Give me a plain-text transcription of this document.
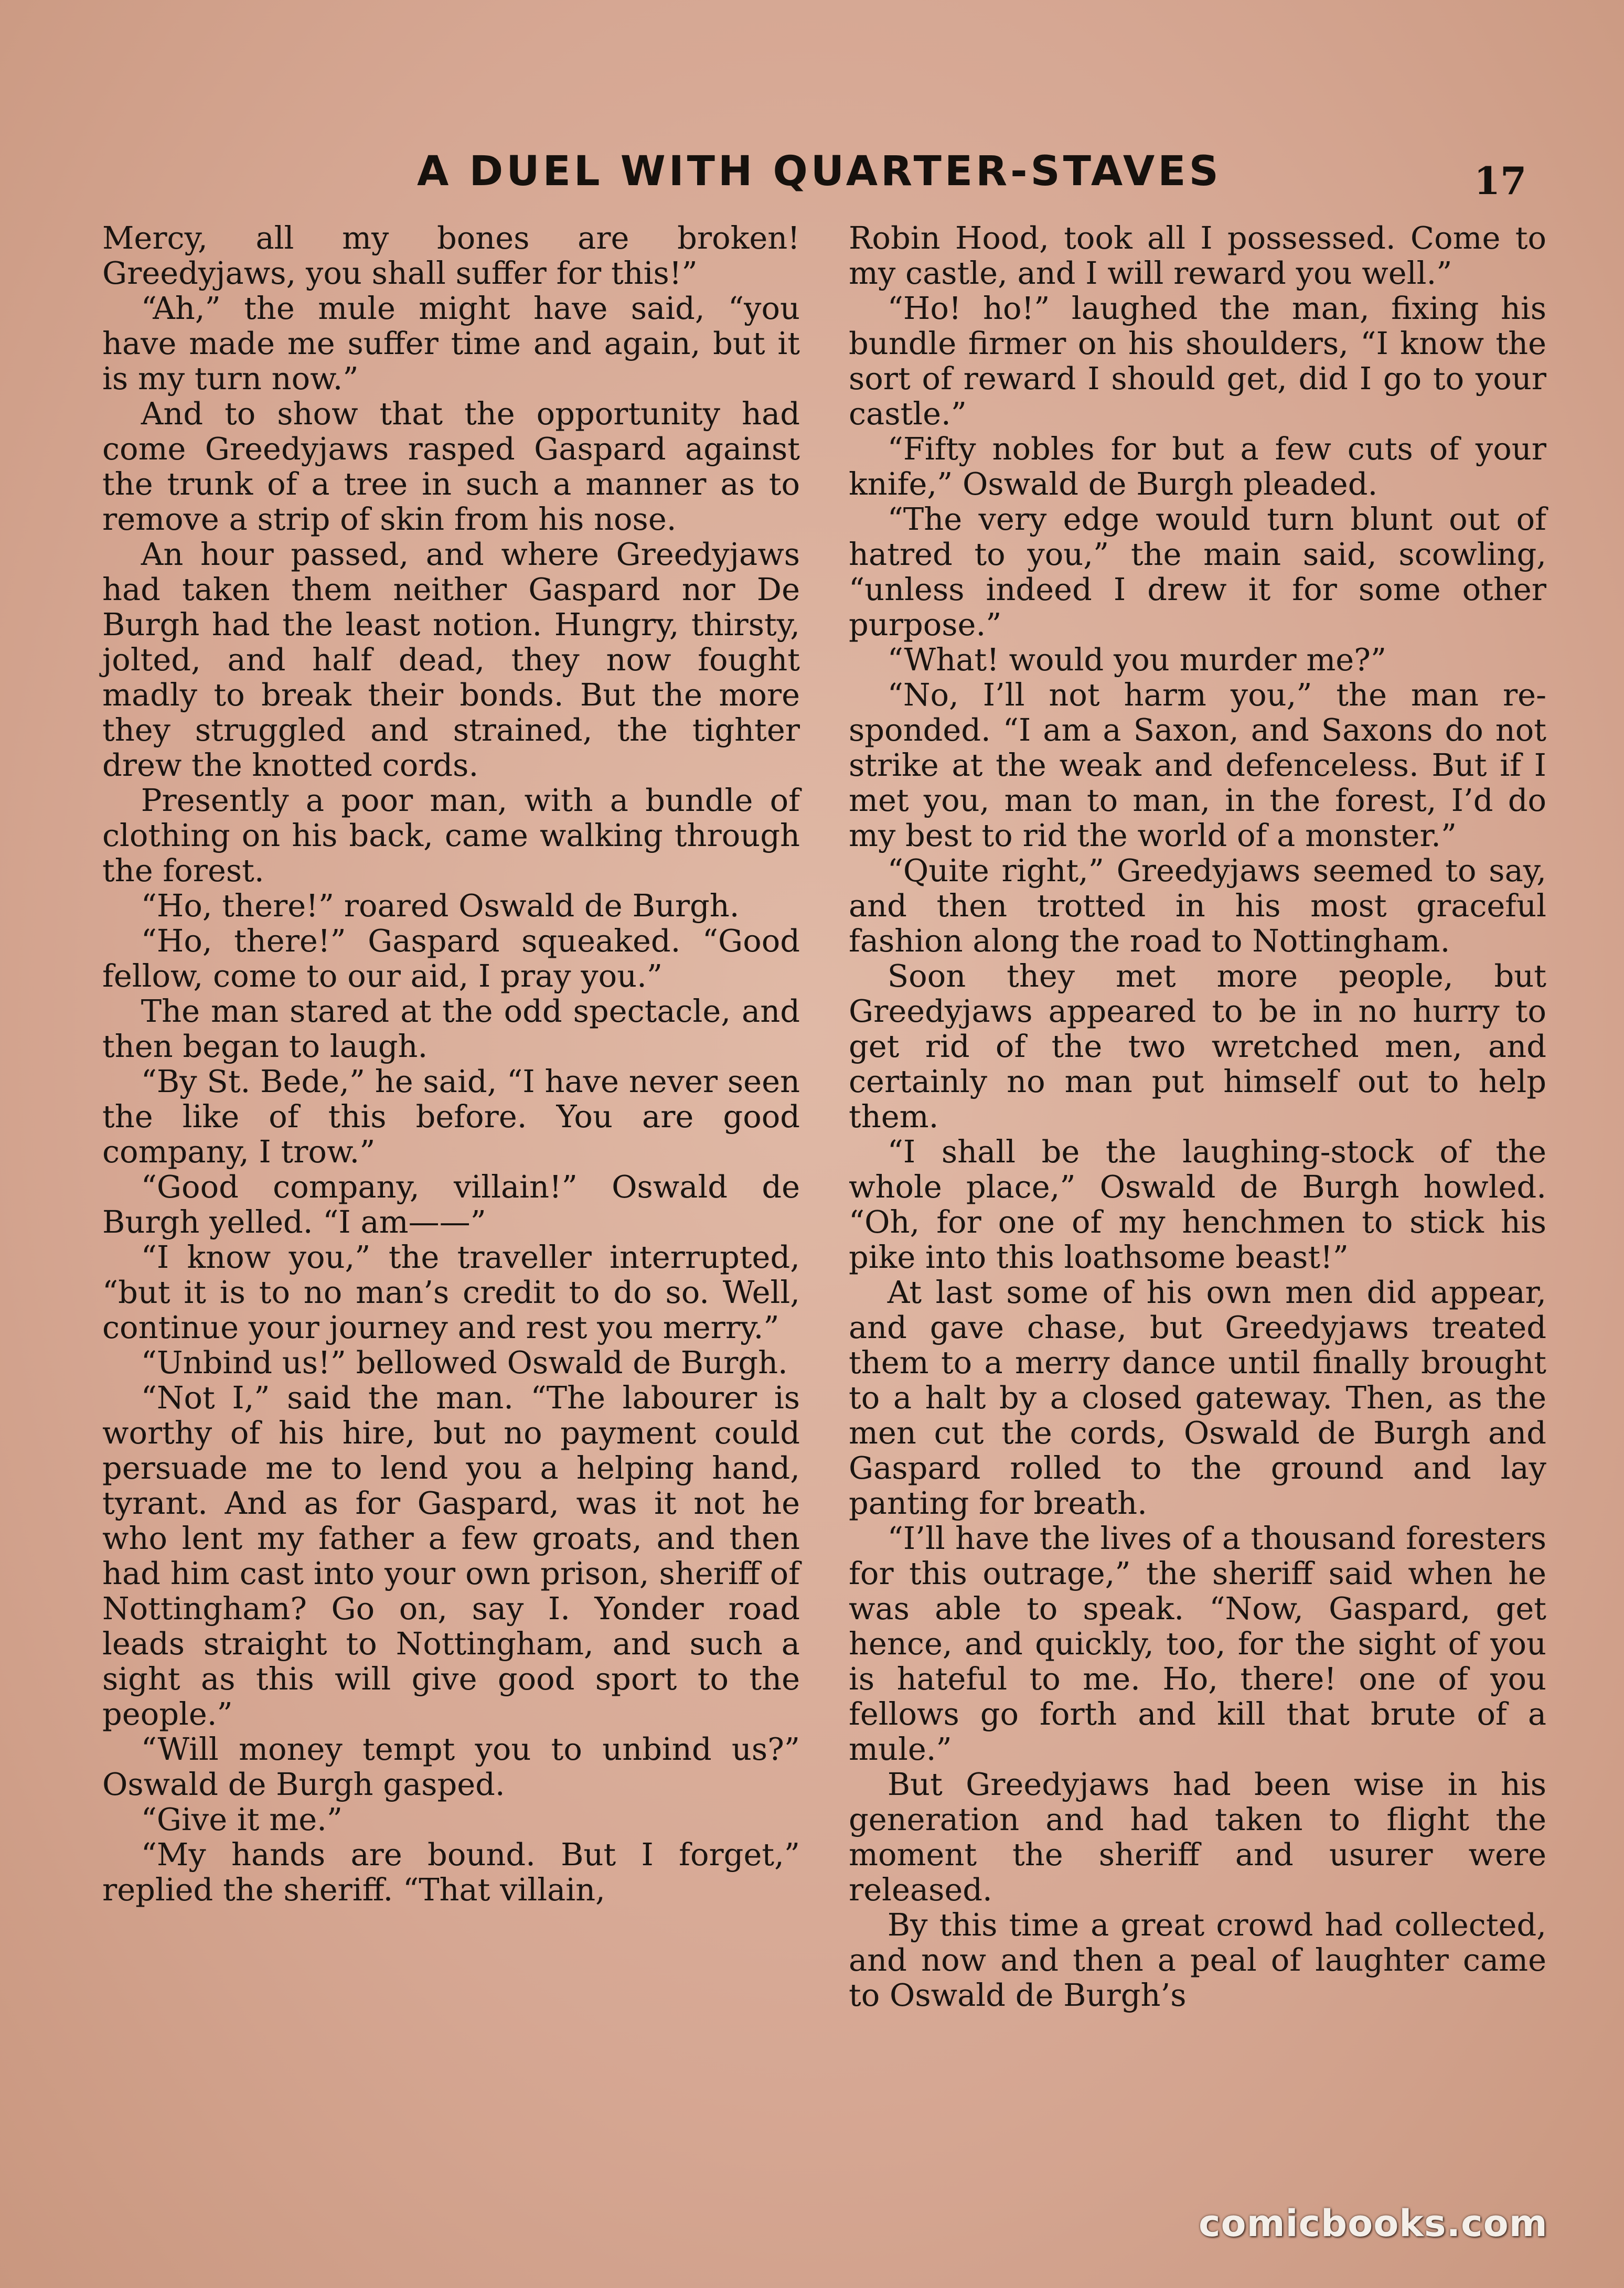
A DUEL WITH QUARTER-STAVES	17

Mercy, all my bones are broken! Greedyjaws, you shall suffer for this!”

“Ah,” the mule might have said, “you have made me suffer time and again, but it is my turn now.”

And to show that the opportunity had come Greedyjaws rasped Gaspard against the trunk of a tree in such a manner as to remove a strip of skin from his nose.

An hour passed, and where Greedyjaws had taken them neither Gaspard nor De Burgh had the least notion. Hungry, thirsty, jolted, and half dead, they now fought madly to break their bonds. But the more they struggled and strained, the tighter drew the knotted cords.

Presently a poor man, with a bundle of clothing on his back, came walking through the forest.

“Ho, there!” roared Oswald de Burgh.

“Ho, there!” Gaspard squeaked. “Good fellow, come to our aid, I pray you.”

The man stared at the odd spectacle, and then began to laugh.

“By St. Bede,” he said, “I have never seen the like of this before. You are good company, I trow.”

“Good company, villain!” Oswald de Burgh yelled. “I am——”

“I know you,” the traveller interrupted, “but it is to no man’s credit to do so. Well, continue your journey and rest you merry.”

“Unbind us!” bellowed Oswald de Burgh.

“Not I,” said the man. “The labourer is worthy of his hire, but no payment could persuade me to lend you a helping hand, tyrant. And as for Gaspard, was it not he who lent my father a few groats, and then had him cast into your own prison, sheriff of Nottingham? Go on, say I. Yonder road leads straight to Nottingham, and such a sight as this will give good sport to the people.”

“Will money tempt you to unbind us?” Oswald de Burgh gasped.

“Give it me.”

“My hands are bound. But I forget,” replied the sheriff. “That villain,

Robin Hood, took all I possessed. Come to my castle, and I will reward you well.”

“Ho! ho!” laughed the man, fixing his bundle firmer on his shoulders, “I know the sort of reward I should get, did I go to your castle.”

“Fifty nobles for but a few cuts of your knife,” Oswald de Burgh pleaded.

“The very edge would turn blunt out of hatred to you,” the main said, scowling, “unless indeed I drew it for some other purpose.”

“What! would you murder me?”

“No, I’ll not harm you,” the man responded. “I am a Saxon, and Saxons do not strike at the weak and defenceless. But if I met you, man to man, in the forest, I’d do my best to rid the world of a monster.”

“Quite right,” Greedyjaws seemed to say, and then trotted in his most graceful fashion along the road to Nottingham.

Soon they met more people, but Greedyjaws appeared to be in no hurry to get rid of the two wretched men, and certainly no man put himself out to help them.

“I shall be the laughing-stock of the whole place,” Oswald de Burgh howled. “Oh, for one of my henchmen to stick his pike into this loathsome beast!”

At last some of his own men did appear, and gave chase, but Greedyjaws treated them to a merry dance until finally brought to a halt by a closed gateway. Then, as the men cut the cords, Oswald de Burgh and Gaspard rolled to the ground and lay panting for breath.

“I’ll have the lives of a thousand foresters for this outrage,” the sheriff said when he was able to speak. “Now, Gaspard, get hence, and quickly, too, for the sight of you is hateful to me. Ho, there! one of you fellows go forth and kill that brute of a mule.”

But Greedyjaws had been wise in his generation and had taken to flight the moment the sheriff and usurer were released.

By this time a great crowd had collected, and now and then a peal of laughter came to Oswald de Burgh’s

comicbooks.com
